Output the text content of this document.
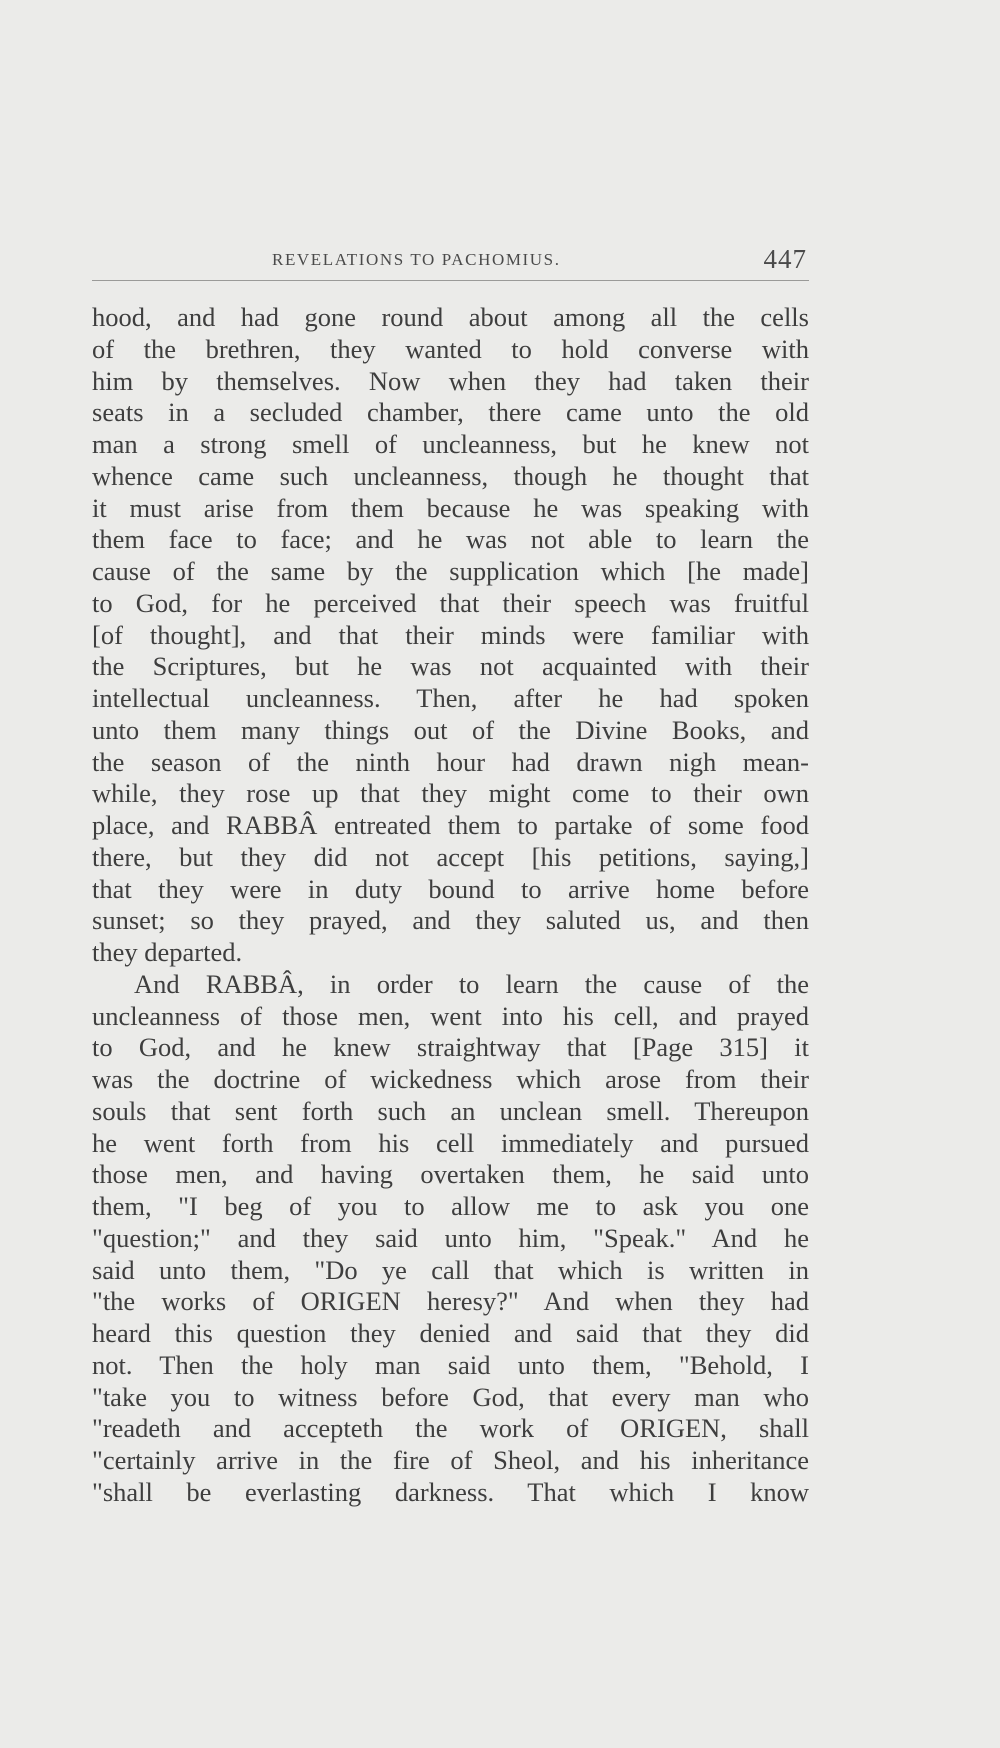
REVELATIONS TO PACHOMIUS.	447
hood, and had gone round about among all the cells
of the brethren, they wanted to hold converse with
him by themselves. Now when they had taken their
seats in a secluded chamber, there came unto the old
man a strong smell of uncleanness, but he knew not
whence came such uncleanness, though he thought that
it must arise from them because he was speaking with
them face to face; and he was not able to learn the
cause of the same by the supplication which [he made]
to God, for he perceived that their speech was fruitful
[of thought], and that their minds were familiar with
the Scriptures, but he was not acquainted with their
intellectual uncleanness. Then, after he had spoken
unto them many things out of the Divine Books, and
the season of the ninth hour had drawn nigh mean-
while, they rose up that they might come to their own
place, and RABBÂ entreated them to partake of some food
there, but they did not accept [his petitions, saying,]
that they were in duty bound to arrive home before
sunset; so they prayed, and they saluted us, and then
they departed.
And RABBÂ, in order to learn the cause of the
uncleanness of those men, went into his cell, and prayed
to God, and he knew straightway that [Page 315] it
was the doctrine of wickedness which arose from their
souls that sent forth such an unclean smell. Thereupon
he went forth from his cell immediately and pursued
those men, and having overtaken them, he said unto
them, "I beg of you to allow me to ask you one
"question;" and they said unto him, "Speak." And he
said unto them, "Do ye call that which is written in
"the works of ORIGEN heresy?" And when they had
heard this question they denied and said that they did
not. Then the holy man said unto them, "Behold, I
"take you to witness before God, that every man who
"readeth and accepteth the work of ORIGEN, shall
"certainly arrive in the fire of Sheol, and his inheritance
"shall be everlasting darkness. That which I know
